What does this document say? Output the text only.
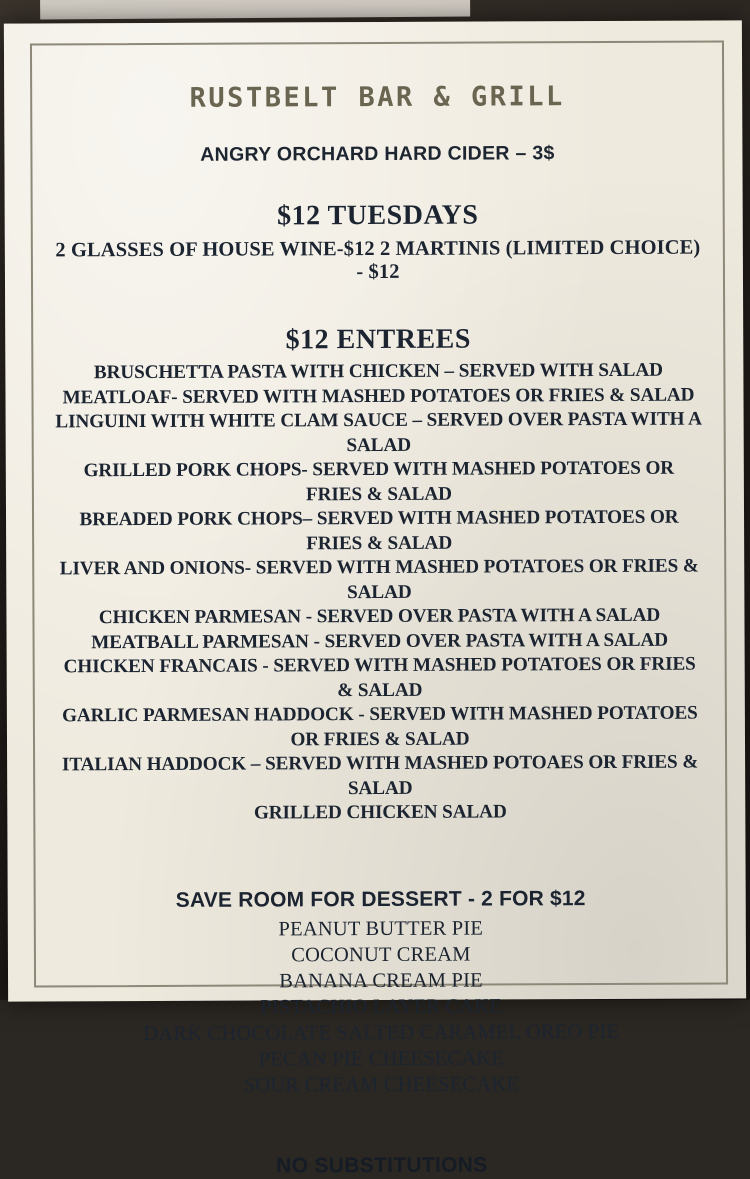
RUSTBELT BAR & GRILL
ANGRY ORCHARD HARD CIDER – 3$
$12 TUESDAYS
2 GLASSES OF HOUSE WINE-$12 2 MARTINIS (LIMITED CHOICE) - $12
$12 ENTREES
BRUSCHETTA PASTA WITH CHICKEN – SERVED WITH SALAD
MEATLOAF- SERVED WITH MASHED POTATOES OR FRIES & SALAD
LINGUINI WITH WHITE CLAM SAUCE – SERVED OVER PASTA WITH A SALAD
GRILLED PORK CHOPS- SERVED WITH MASHED POTATOES OR FRIES & SALAD
BREADED PORK CHOPS– SERVED WITH MASHED POTATOES OR FRIES & SALAD
LIVER AND ONIONS- SERVED WITH MASHED POTATOES OR FRIES & SALAD
CHICKEN PARMESAN - SERVED OVER PASTA WITH A SALAD
MEATBALL PARMESAN - SERVED OVER PASTA WITH A SALAD
CHICKEN FRANCAIS - SERVED WITH MASHED POTATOES OR FRIES & SALAD
GARLIC PARMESAN HADDOCK - SERVED WITH MASHED POTATOES OR FRIES & SALAD
ITALIAN HADDOCK – SERVED WITH MASHED POTOAES OR FRIES & SALAD
GRILLED CHICKEN SALAD
SAVE ROOM FOR DESSERT - 2 FOR $12
PEANUT BUTTER PIE
COCONUT CREAM
BANANA CREAM PIE
PISTACHIO LAYER CAKE
DARK CHOCOLATE SALTED CARAMEL OREO PIE
PECAN PIE CHEESECAKE
SOUR CREAM CHEESECAKE
NO SUBSTITUTIONS
